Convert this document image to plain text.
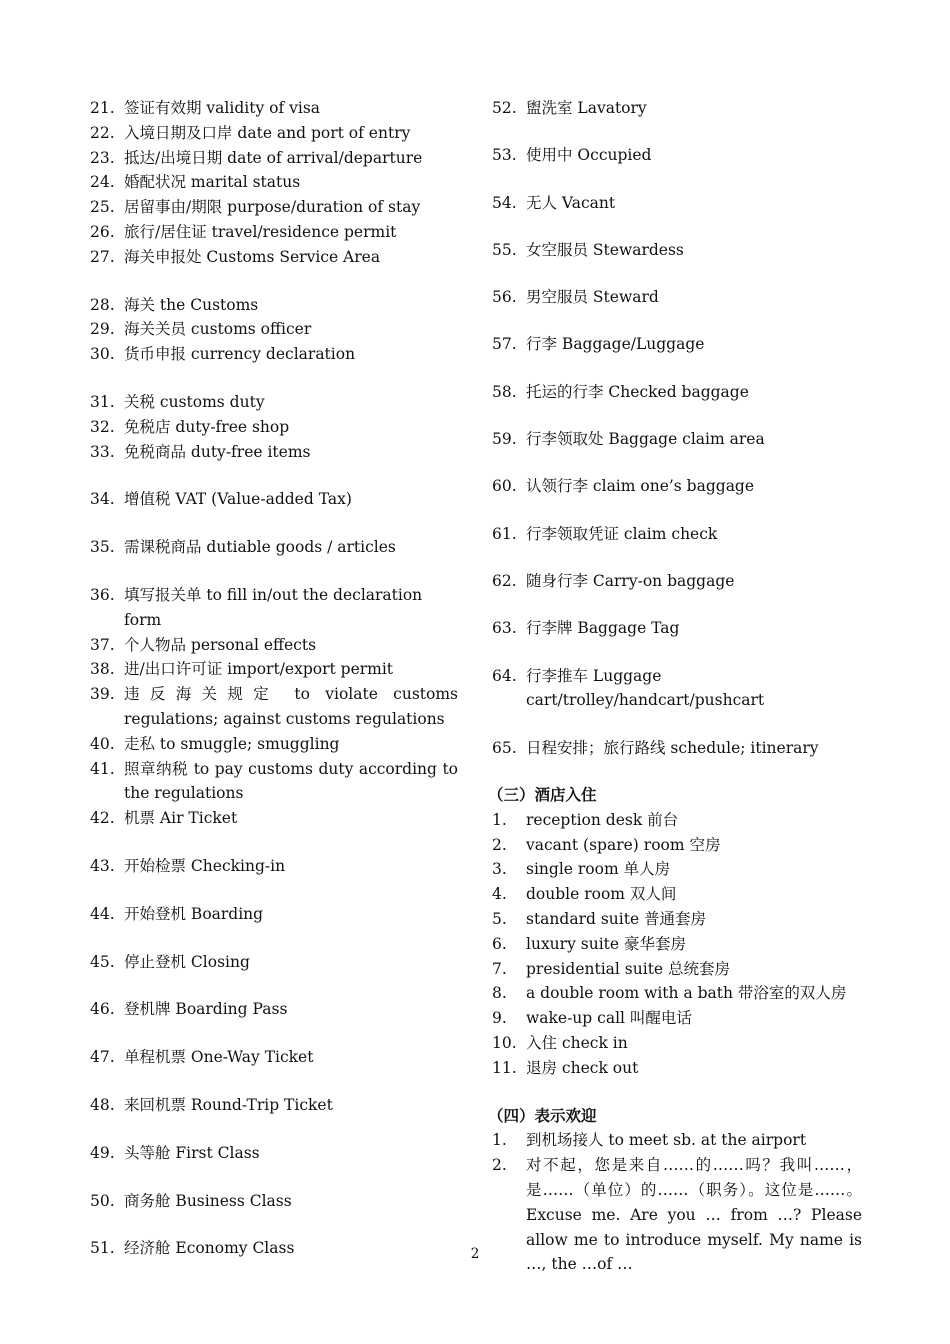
21. 签证有效期 validity of visa
22. 入境日期及口岸 date and port of entry
23. 抵达/出境日期 date of arrival/departure
24. 婚配状况 marital status
25. 居留事由/期限 purpose/duration of stay
26. 旅行/居住证 travel/residence permit
27. 海关申报处 Customs Service Area
28. 海关 the Customs
29. 海关关员 customs officer
30. 货币申报 currency declaration
31. 关税 customs duty
32. 免税店 duty-free shop
33. 免税商品 duty-free items
34. 增值税 VAT (Value-added Tax)
35. 需课税商品 dutiable goods / articles
36. 填写报关单 to fill in/out the declaration form
37. 个人物品 personal effects
38. 进/出口许可证 import/export permit
39. 违反海关规定 to violate customs regulations; against customs regulations
40. 走私 to smuggle; smuggling
41. 照章纳税 to pay customs duty according to the regulations
42. 机票 Air Ticket
43. 开始检票 Checking-in
44. 开始登机 Boarding
45. 停止登机 Closing
46. 登机牌 Boarding Pass
47. 单程机票 One-Way Ticket
48. 来回机票 Round-Trip Ticket
49. 头等舱 First Class
50. 商务舱 Business Class
51. 经济舱 Economy Class
52. 盥洗室 Lavatory
53. 使用中 Occupied
54. 无人 Vacant
55. 女空服员 Stewardess
56. 男空服员 Steward
57. 行李 Baggage/Luggage
58. 托运的行李 Checked baggage
59. 行李领取处 Baggage claim area
60. 认领行李 claim one’s baggage
61. 行李领取凭证 claim check
62. 随身行李 Carry-on baggage
63. 行李牌 Baggage Tag
64. 行李推车 Luggage cart/trolley/handcart/pushcart
65. 日程安排；旅行路线 schedule; itinerary
（三）酒店入住
1. reception desk 前台
2. vacant (spare) room 空房
3. single room 单人房
4. double room 双人间
5. standard suite 普通套房
6. luxury suite 豪华套房
7. presidential suite 总统套房
8. a double room with a bath 带浴室的双人房
9. wake-up call 叫醒电话
10. 入住 check in
11. 退房 check out
（四）表示欢迎
1. 到机场接人 to meet sb. at the airport
2. 对不起，您是来自……的……吗？我叫……，是……（单位）的……（职务）。这位是……。Excuse me. Are you … from …? Please allow me to introduce myself. My name is …, the …of …
2
